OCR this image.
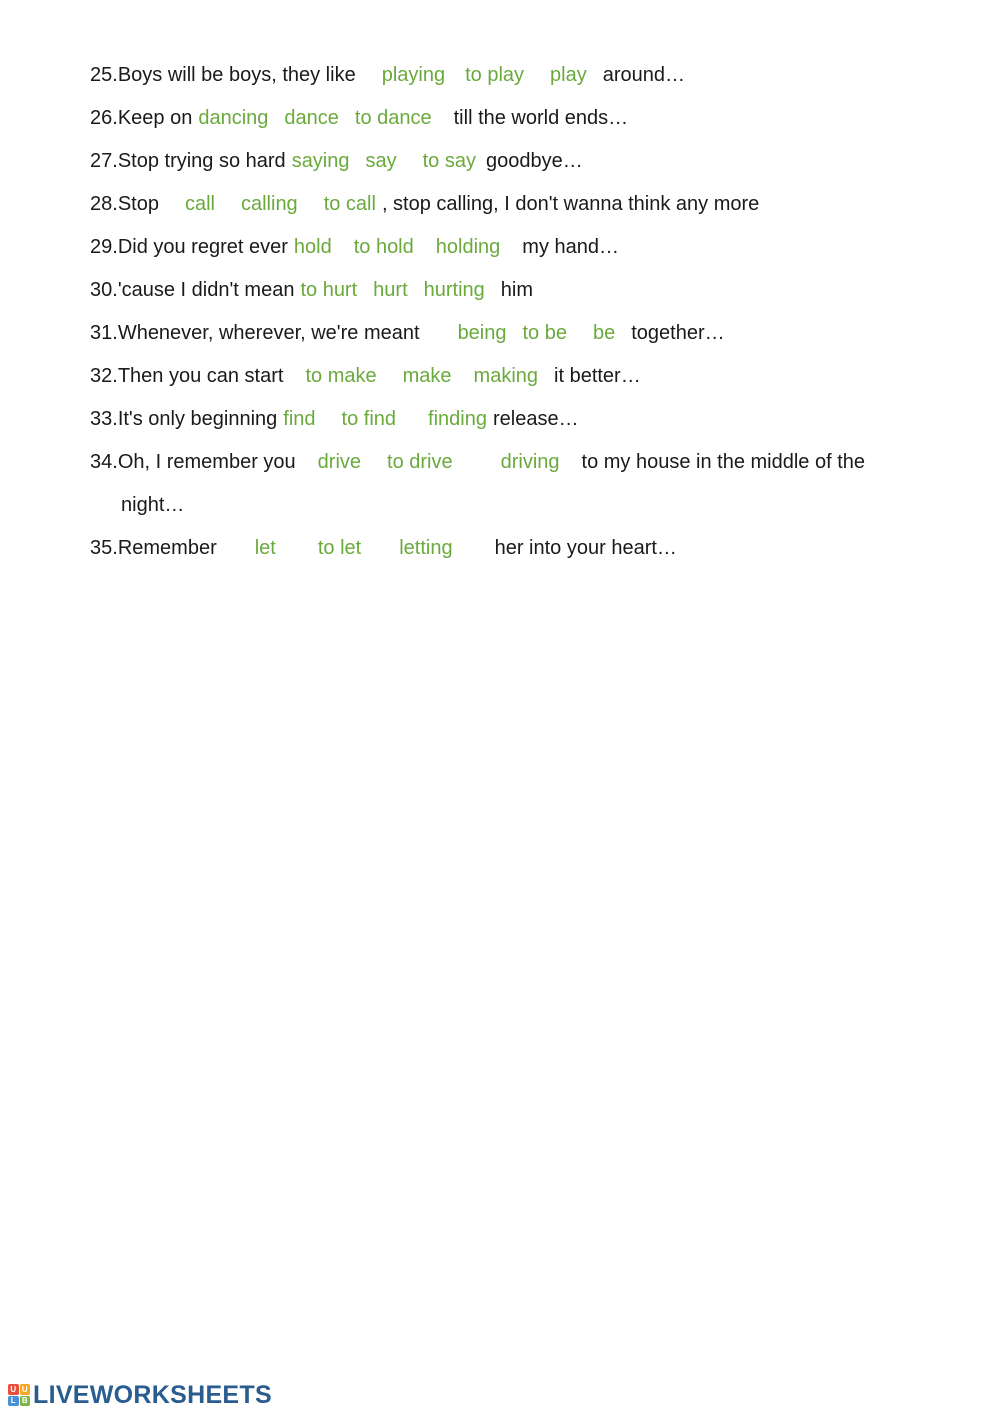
25.Boys will be boys, they like playing to play play around…
26.Keep on dancing dance to dance till the world ends…
27.Stop trying so hard saying say to say goodbye…
28.Stop call calling to call , stop calling, I don't wanna think any more
29.Did you regret ever hold to hold holding my hand…
30.'cause I didn't mean to hurt hurt hurting him
31.Whenever, wherever, we're meant being to be be together…
32.Then you can start to make make making it better…
33.It's only beginning find to find finding release…
34.Oh, I remember you drive to drive driving to my house in the middle of the
night…
35.Remember let to let letting her into your heart…
U U
L B LIVEWORKSHEETS
